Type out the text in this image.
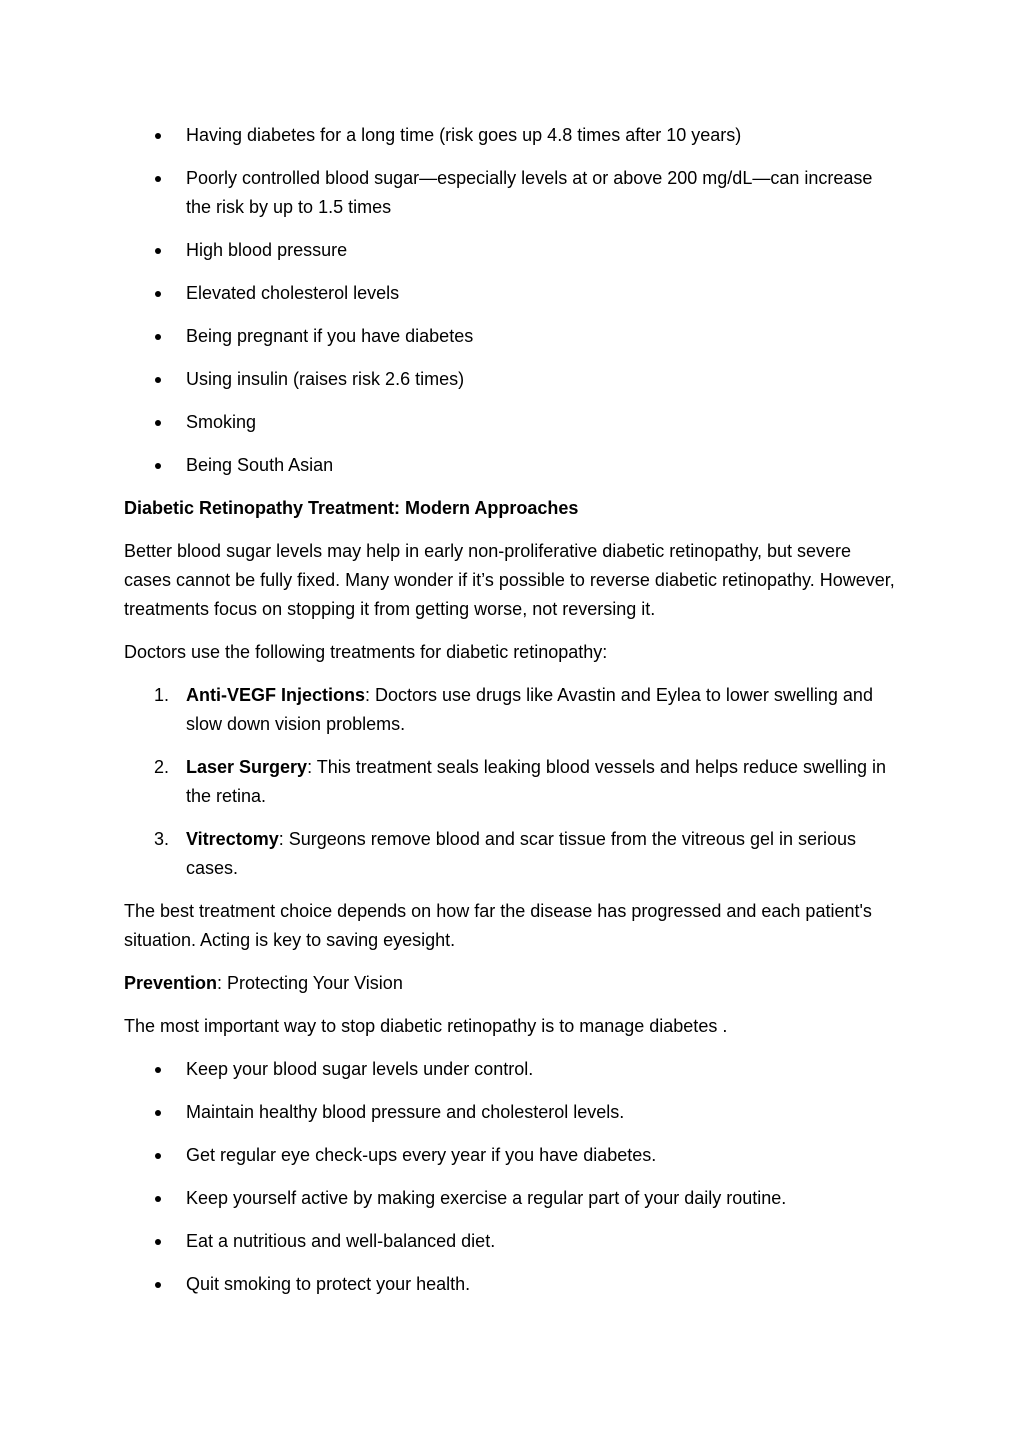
Having diabetes for a long time (risk goes up 4.8 times after 10 years)
Poorly controlled blood sugar—especially levels at or above 200 mg/dL—can increase the risk by up to 1.5 times
High blood pressure
Elevated cholesterol levels
Being pregnant if you have diabetes
Using insulin (raises risk 2.6 times)
Smoking
Being South Asian
Diabetic Retinopathy Treatment: Modern Approaches

Better blood sugar levels may help in early non-proliferative diabetic retinopathy, but severe cases cannot be fully fixed. Many wonder if it’s possible to reverse diabetic retinopathy. However, treatments focus on stopping it from getting worse, not reversing it.

Doctors use the following treatments for diabetic retinopathy:

1. Anti-VEGF Injections: Doctors use drugs like Avastin and Eylea to lower swelling and slow down vision problems.
2. Laser Surgery: This treatment seals leaking blood vessels and helps reduce swelling in the retina.
3. Vitrectomy: Surgeons remove blood and scar tissue from the vitreous gel in serious cases.

The best treatment choice depends on how far the disease has progressed and each patient's situation. Acting is key to saving eyesight.

Prevention: Protecting Your Vision

The most important way to stop diabetic retinopathy is to manage diabetes .

Keep your blood sugar levels under control.
Maintain healthy blood pressure and cholesterol levels.
Get regular eye check-ups every year if you have diabetes.
Keep yourself active by making exercise a regular part of your daily routine.
Eat a nutritious and well-balanced diet.
Quit smoking to protect your health.
